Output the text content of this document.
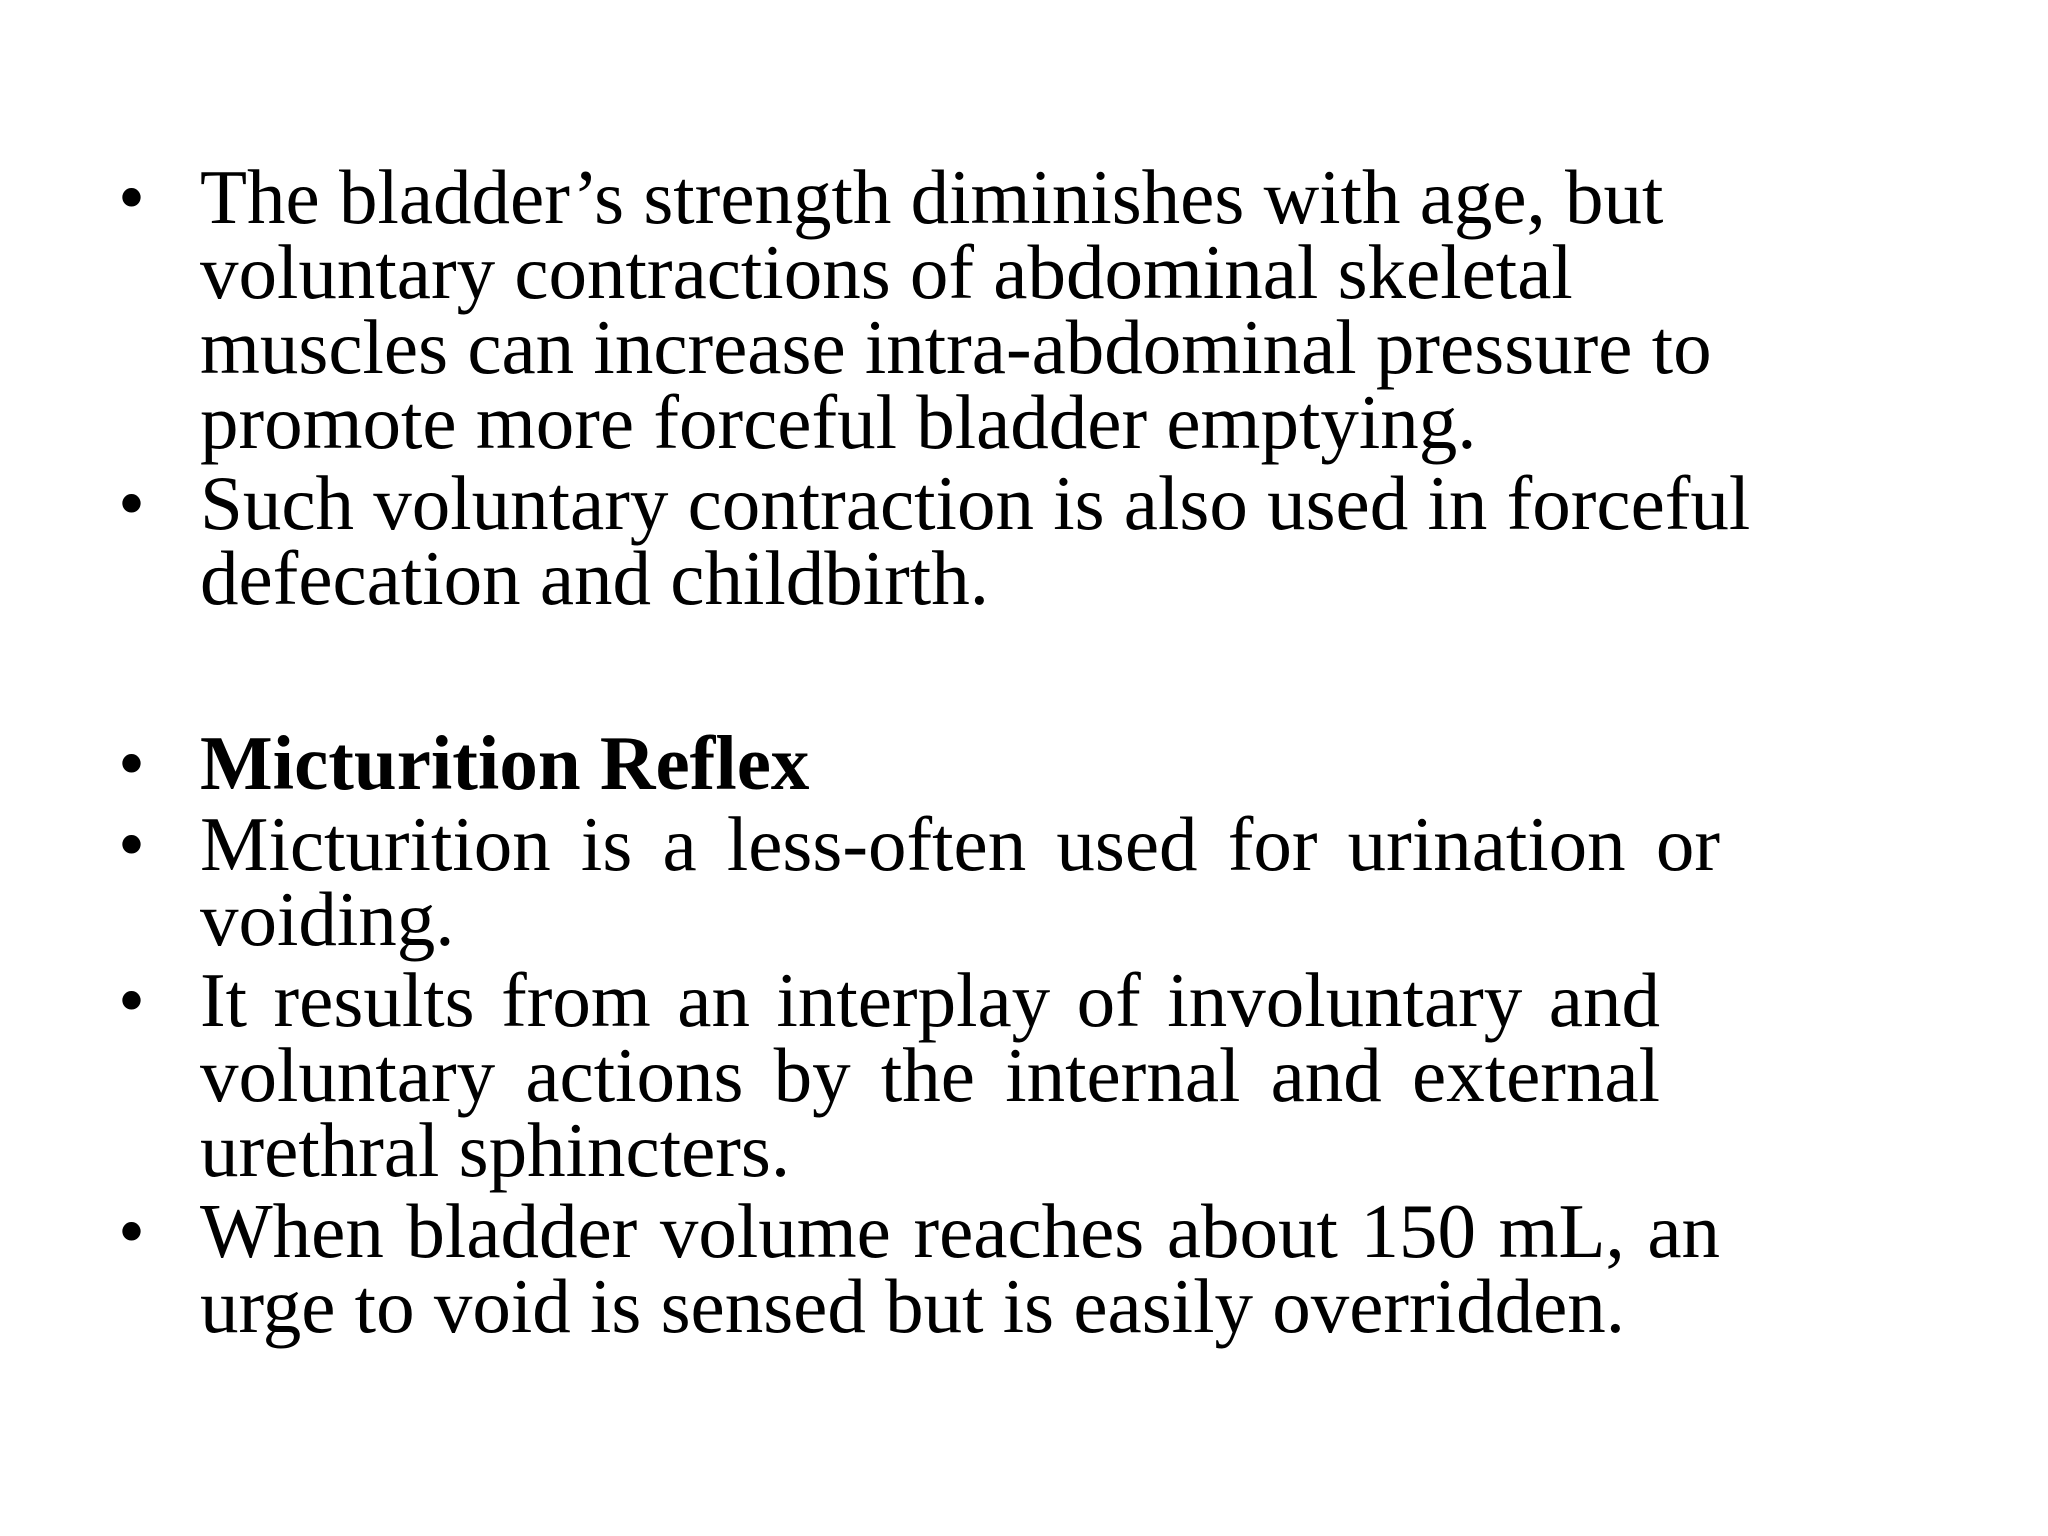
• The bladder’s strength diminishes with age, but voluntary contractions of abdominal skeletal muscles can increase intra-abdominal pressure to promote more forceful bladder emptying.
• Such voluntary contraction is also used in forceful defecation and childbirth.
• Micturition Reflex
• Micturition is a less-often used for urination or voiding.
• It results from an interplay of involuntary and voluntary actions by the internal and external urethral sphincters.
• When bladder volume reaches about 150 mL, an urge to void is sensed but is easily overridden.
